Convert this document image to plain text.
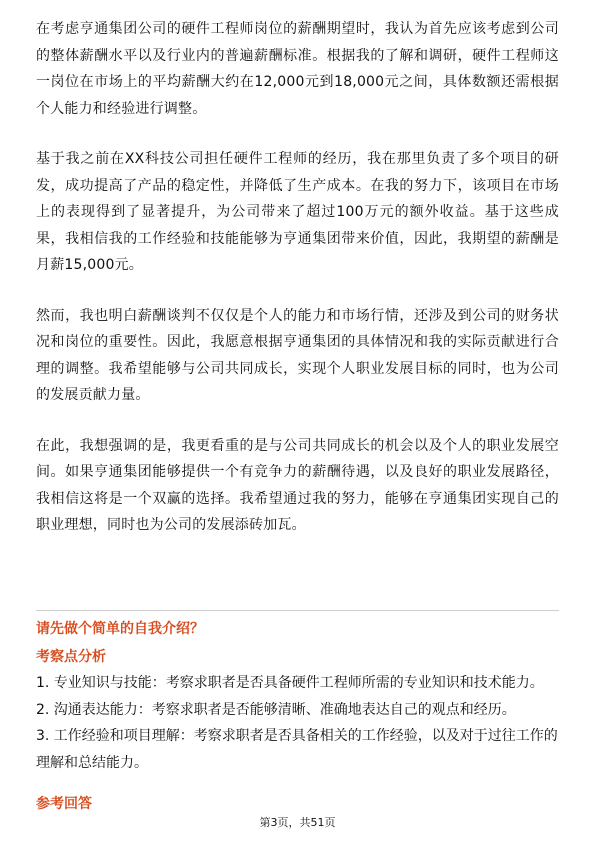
在考虑亨通集团公司的硬件工程师岗位的薪酬期望时，我认为首先应该考虑到公司的整体薪酬水平以及行业内的普遍薪酬标准。根据我的了解和调研，硬件工程师这一岗位在市场上的平均薪酬大约在12,000元到18,000元之间，具体数额还需根据个人能力和经验进行调整。

基于我之前在XX科技公司担任硬件工程师的经历，我在那里负责了多个项目的研发，成功提高了产品的稳定性，并降低了生产成本。在我的努力下，该项目在市场上的表现得到了显著提升，为公司带来了超过100万元的额外收益。基于这些成果，我相信我的工作经验和技能能够为亨通集团带来价值，因此，我期望的薪酬是月薪15,000元。

然而，我也明白薪酬谈判不仅仅是个人的能力和市场行情，还涉及到公司的财务状况和岗位的重要性。因此，我愿意根据亨通集团的具体情况和我的实际贡献进行合理的调整。我希望能够与公司共同成长，实现个人职业发展目标的同时，也为公司的发展贡献力量。

在此，我想强调的是，我更看重的是与公司共同成长的机会以及个人的职业发展空间。如果亨通集团能够提供一个有竞争力的薪酬待遇，以及良好的职业发展路径，我相信这将是一个双赢的选择。我希望通过我的努力，能够在亨通集团实现自己的职业理想，同时也为公司的发展添砖加瓦。

请先做个简单的自我介绍？
考察点分析
1. 专业知识与技能：考察求职者是否具备硬件工程师所需的专业知识和技术能力。
2. 沟通表达能力：考察求职者是否能够清晰、准确地表达自己的观点和经历。
3. 工作经验和项目理解：考察求职者是否具备相关的工作经验，以及对于过往工作的理解和总结能力。
参考回答
第3页，共51页
